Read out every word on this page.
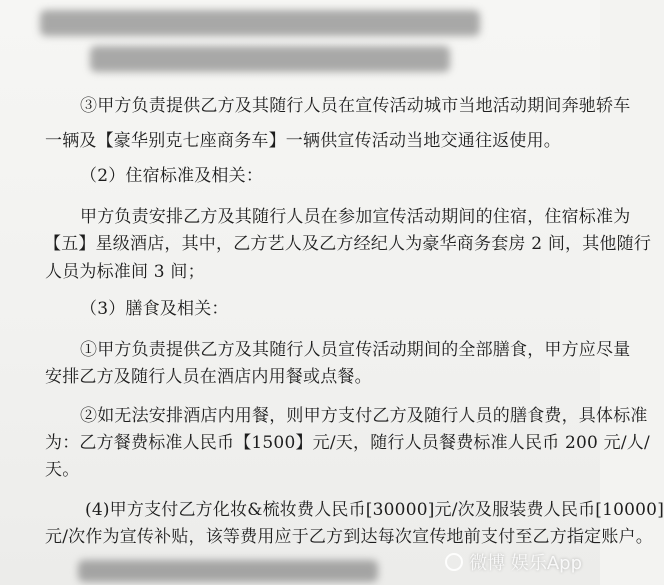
③甲方负责提供乙方及其随行人员在宣传活动城市当地活动期间奔驰轿车
一辆及【豪华别克七座商务车】一辆供宣传活动当地交通往返使用。
（2）住宿标准及相关：
甲方负责安排乙方及其随行人员在参加宣传活动期间的住宿，住宿标准为
【五】星级酒店，其中，乙方艺人及乙方经纪人为豪华商务套房 2 间，其他随行
人员为标准间 3 间；
（3）膳食及相关：
①甲方负责提供乙方及其随行人员宣传活动期间的全部膳食，甲方应尽量
安排乙方及随行人员在酒店内用餐或点餐。
②如无法安排酒店内用餐，则甲方支付乙方及随行人员的膳食费，具体标准
为：乙方餐费标准人民币【1500】元/天，随行人员餐费标准人民币 200 元/人/
天。
(4)甲方支付乙方化妆&梳妆费人民币[30000]元/次及服装费人民币[10000]
元/次作为宣传补贴，该等费用应于乙方到达每次宣传地前支付至乙方指定账户。
微博 娱乐App
